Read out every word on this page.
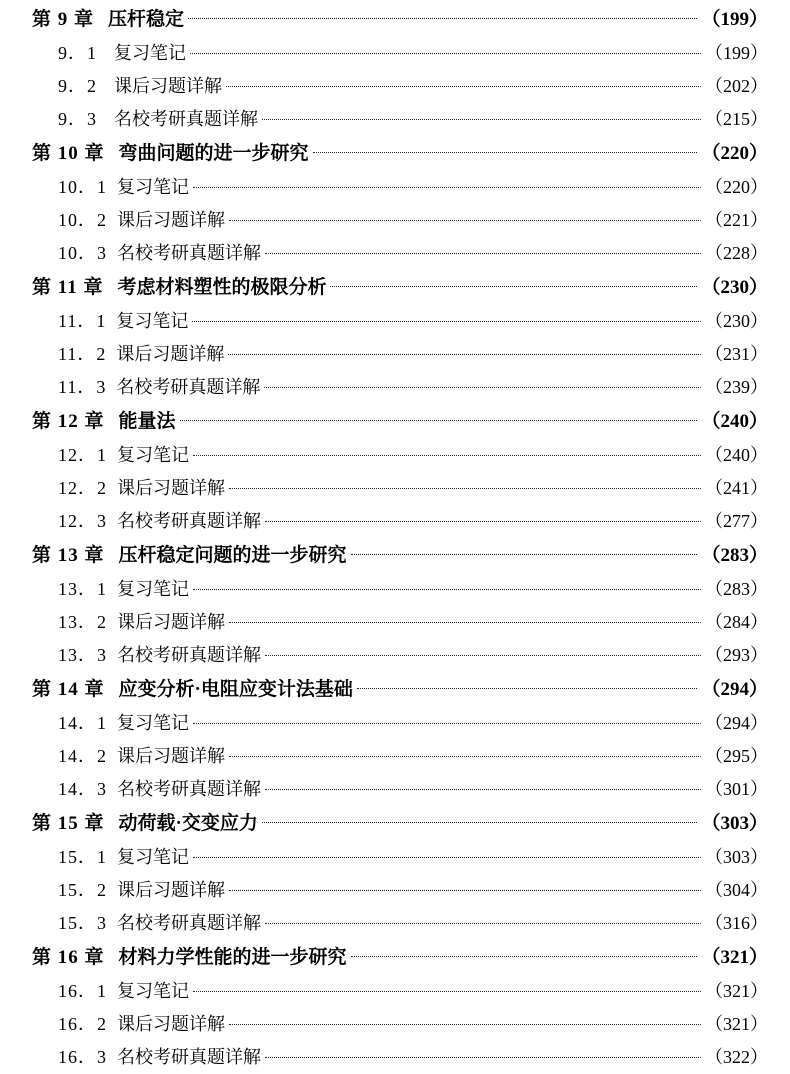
第 9 章 压杆稳定	（199）
9．1 复习笔记	（199）
9．2 课后习题详解	（202）
9．3 名校考研真题详解	（215）
第 10 章 弯曲问题的进一步研究	（220）
10．1 复习笔记	（220）
10．2 课后习题详解	（221）
10．3 名校考研真题详解	（228）
第 11 章 考虑材料塑性的极限分析	（230）
11．1 复习笔记	（230）
11．2 课后习题详解	（231）
11．3 名校考研真题详解	（239）
第 12 章 能量法	（240）
12．1 复习笔记	（240）
12．2 课后习题详解	（241）
12．3 名校考研真题详解	（277）
第 13 章 压杆稳定问题的进一步研究	（283）
13．1 复习笔记	（283）
13．2 课后习题详解	（284）
13．3 名校考研真题详解	（293）
第 14 章 应变分析·电阻应变计法基础	（294）
14．1 复习笔记	（294）
14．2 课后习题详解	（295）
14．3 名校考研真题详解	（301）
第 15 章 动荷载·交变应力	（303）
15．1 复习笔记	（303）
15．2 课后习题详解	（304）
15．3 名校考研真题详解	（316）
第 16 章 材料力学性能的进一步研究	（321）
16．1 复习笔记	（321）
16．2 课后习题详解	（321）
16．3 名校考研真题详解	（322）
